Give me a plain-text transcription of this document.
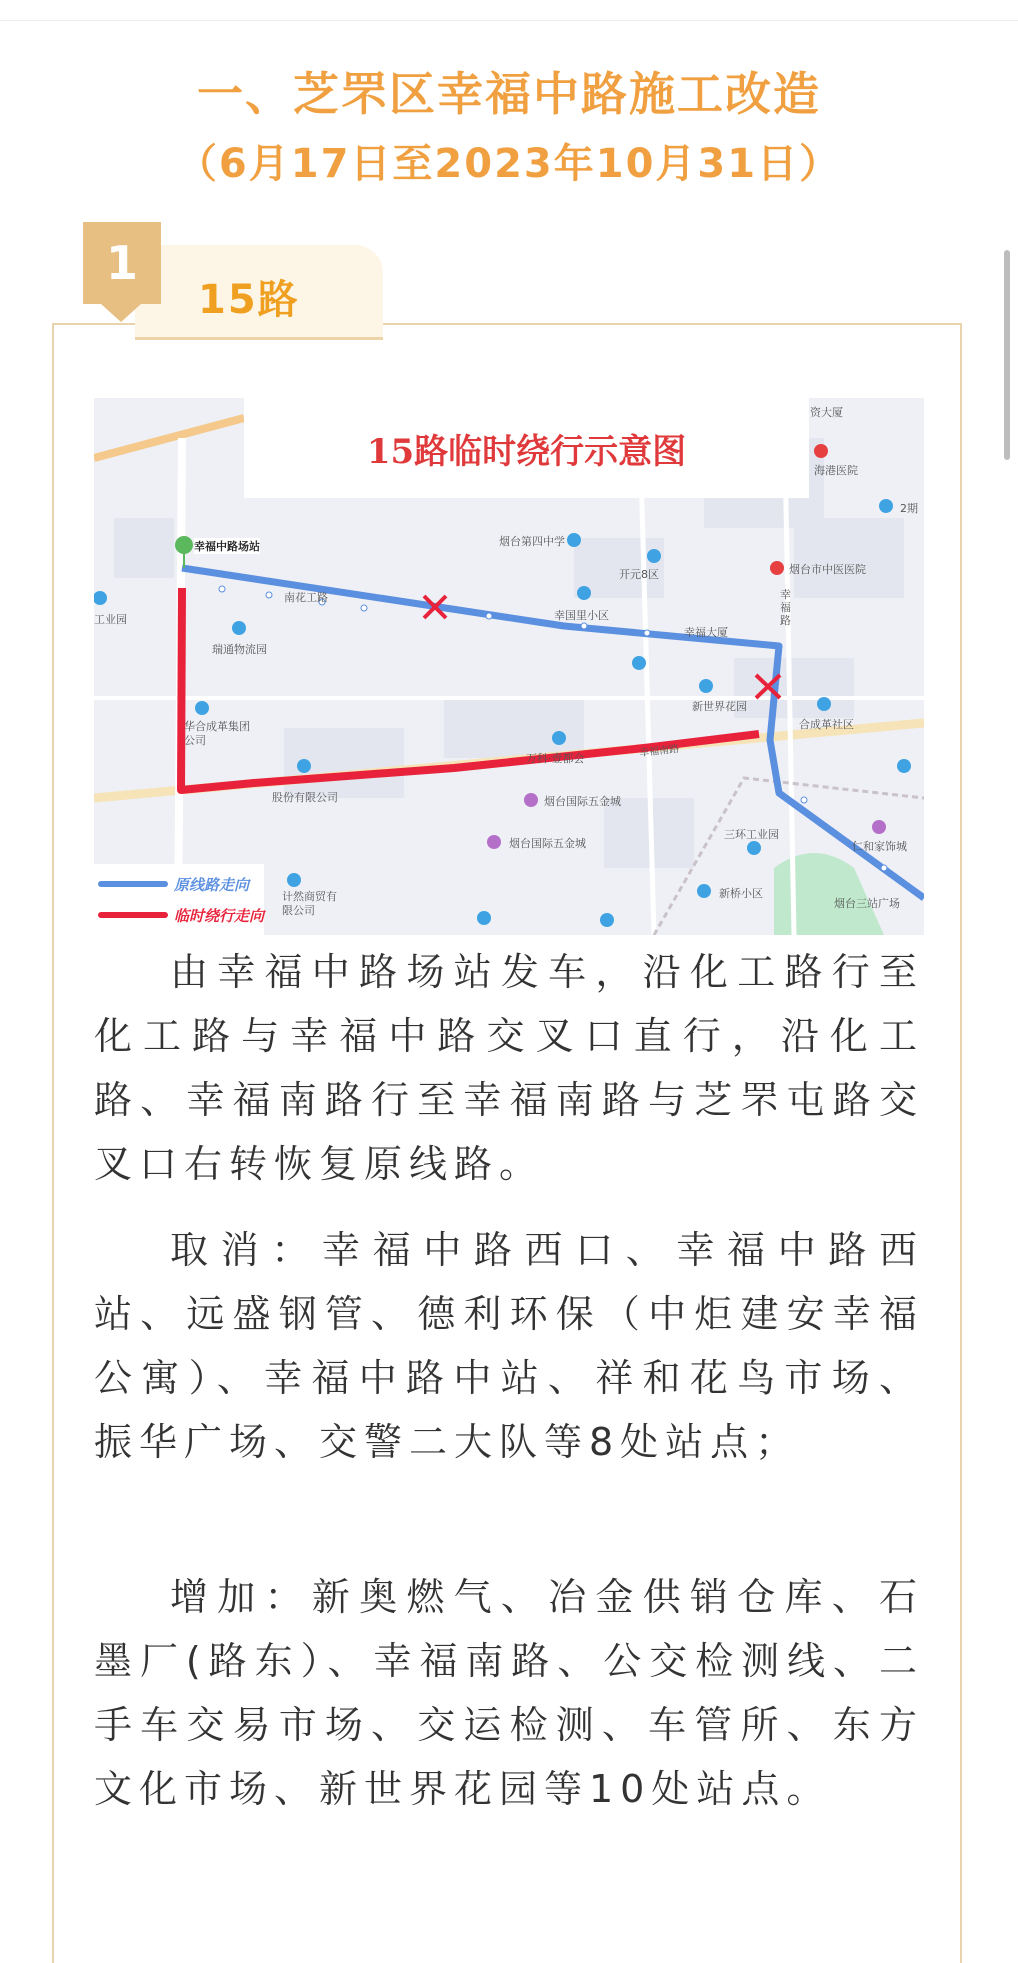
一、芝罘区幸福中路施工改造
（6月17日至2023年10月31日）
1
15路
15路临时绕行示意图
幸福中路场站	烟台第四中学
开元8区	烟台市中医医院
幸国里小区
幸福大厦
幸福路
南花工路
瑞通物流园
工业园
华合成革集团公司
万科·壹都会
新世界花园
合成革社区
幸福南路
烟台国际五金城
烟台国际五金城
三环工业园
仁和家饰城
计然商贸有限公司
新桥小区
烟台三站广场
股份有限公司
资大厦
海港医院
2期
原线路走向
临时绕行走向

由幸福中路场站发车，沿化工路行至化工路与幸福中路交叉口直行，沿化工路、幸福南路行至幸福南路与芝罘屯路交叉口右转恢复原线路。

取消：幸福中路西口、幸福中路西站、远盛钢管、德利环保（中炬建安幸福公寓）、幸福中路中站、祥和花鸟市场、振华广场、交警二大队等8处站点；

增加：新奥燃气、冶金供销仓库、石墨厂(路东）、幸福南路、公交检测线、二手车交易市场、交运检测、车管所、东方文化市场、新世界花园等10处站点。
